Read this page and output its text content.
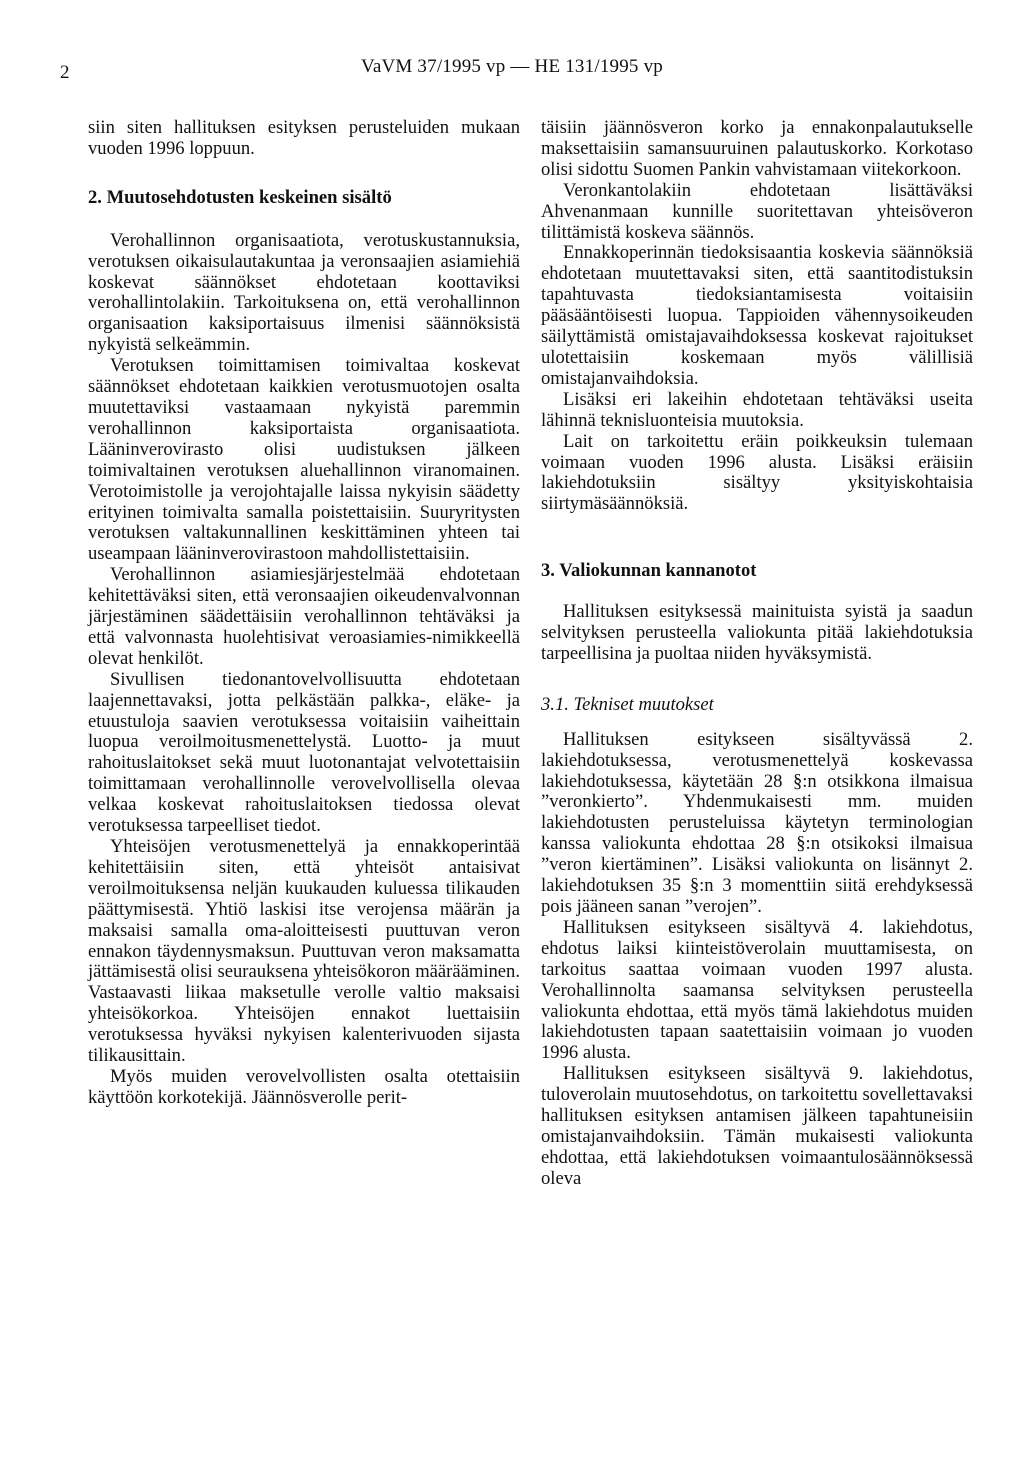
2	VaVM 37/1995 vp — HE 131/1995 vp

siin siten hallituksen esityksen perusteluiden mukaan vuoden 1996 loppuun.

2. Muutosehdotusten keskeinen sisältö

Verohallinnon organisaatiota, verotuskustannuksia, verotuksen oikaisulautakuntaa ja veronsaajien asiamiehiä koskevat säännökset ehdotetaan koottaviksi verohallintolakiin. Tarkoituksena on, että verohallinnon organisaation kaksiportaisuus ilmenisi säännöksistä nykyistä selkeämmin.

Verotuksen toimittamisen toimivaltaa koskevat säännökset ehdotetaan kaikkien verotusmuotojen osalta muutettaviksi vastaamaan nykyistä paremmin verohallinnon kaksiportaista organisaatiota. Lääninverovirasto olisi uudistuksen jälkeen toimivaltainen verotuksen aluehallinnon viranomainen. Verotoimistolle ja verojohtajalle laissa nykyisin säädetty erityinen toimivalta samalla poistettaisiin. Suuryritysten verotuksen valtakunnallinen keskittäminen yhteen tai useampaan lääninverovirastoon mahdollistettaisiin.

Verohallinnon asiamiesjärjestelmää ehdotetaan kehitettäväksi siten, että veronsaajien oikeudenvalvonnan järjestäminen säädettäisiin verohallinnon tehtäväksi ja että valvonnasta huolehtisivat veroasiamies-nimikkeellä olevat henkilöt.

Sivullisen tiedonantovelvollisuutta ehdotetaan laajennettavaksi, jotta pelkästään palkka-, eläke- ja etuustuloja saavien verotuksessa voitaisiin vaiheittain luopua veroilmoitusmenettelystä. Luotto- ja muut rahoituslaitokset sekä muut luotonantajat velvotettaisiin toimittamaan verohallinnolle verovelvollisella olevaa velkaa koskevat rahoituslaitoksen tiedossa olevat verotuksessa tarpeelliset tiedot.

Yhteisöjen verotusmenettelyä ja ennakkoperintää kehitettäisiin siten, että yhteisöt antaisivat veroilmoituksensa neljän kuukauden kuluessa tilikauden päättymisestä. Yhtiö laskisi itse verojensa määrän ja maksaisi samalla oma-aloitteisesti puuttuvan veron ennakon täydennysmaksun. Puuttuvan veron maksamatta jättämisestä olisi seurauksena yhteisökoron määrääminen. Vastaavasti liikaa maksetulle verolle valtio maksaisi yhteisökorkoa. Yhteisöjen ennakot luettaisiin verotuksessa hyväksi nykyisen kalenterivuoden sijasta tilikausittain.

Myös muiden verovelvollisten osalta otettaisiin käyttöön korkotekijä. Jäännösverolle perit-

täisiin jäännösveron korko ja ennakonpalautukselle maksettaisiin samansuuruinen palautuskorko. Korkotaso olisi sidottu Suomen Pankin vahvistamaan viitekorkoon.

Veronkantolakiin ehdotetaan lisättäväksi Ahvenanmaan kunnille suoritettavan yhteisöveron tilittämistä koskeva säännös.

Ennakkoperinnän tiedoksisaantia koskevia säännöksiä ehdotetaan muutettavaksi siten, että saantitodistuksin tapahtuvasta tiedoksiantamisesta voitaisiin pääsääntöisesti luopua. Tappioiden vähennysoikeuden säilyttämistä omistajavaihdoksessa koskevat rajoitukset ulotettaisiin koskemaan myös välillisiä omistajanvaihdoksia.

Lisäksi eri lakeihin ehdotetaan tehtäväksi useita lähinnä teknisluonteisia muutoksia.

Lait on tarkoitettu eräin poikkeuksin tulemaan voimaan vuoden 1996 alusta. Lisäksi eräisiin lakiehdotuksiin sisältyy yksityiskohtaisia siirtymäsäännöksiä.

3. Valiokunnan kannanotot

Hallituksen esityksessä mainituista syistä ja saadun selvityksen perusteella valiokunta pitää lakiehdotuksia tarpeellisina ja puoltaa niiden hyväksymistä.

3.1. Tekniset muutokset

Hallituksen esitykseen sisältyvässä 2. lakiehdotuksessa, verotusmenettelyä koskevassa lakiehdotuksessa, käytetään 28 §:n otsikkona ilmaisua ”veronkierto”. Yhdenmukaisesti mm. muiden lakiehdotusten perusteluissa käytetyn terminologian kanssa valiokunta ehdottaa 28 §:n otsikoksi ilmaisua ”veron kiertäminen”. Lisäksi valiokunta on lisännyt 2. lakiehdotuksen 35 §:n 3 momenttiin siitä erehdyksessä pois jääneen sanan ”verojen”.

Hallituksen esitykseen sisältyvä 4. lakiehdotus, ehdotus laiksi kiinteistöverolain muuttamisesta, on tarkoitus saattaa voimaan vuoden 1997 alusta. Verohallinnolta saamansa selvityksen perusteella valiokunta ehdottaa, että myös tämä lakiehdotus muiden lakiehdotusten tapaan saatettaisiin voimaan jo vuoden 1996 alusta.

Hallituksen esitykseen sisältyvä 9. lakiehdotus, tuloverolain muutosehdotus, on tarkoitettu sovellettavaksi hallituksen esityksen antamisen jälkeen tapahtuneisiin omistajanvaihdoksiin. Tämän mukaisesti valiokunta ehdottaa, että lakiehdotuksen voimaantulosäännöksessä oleva
